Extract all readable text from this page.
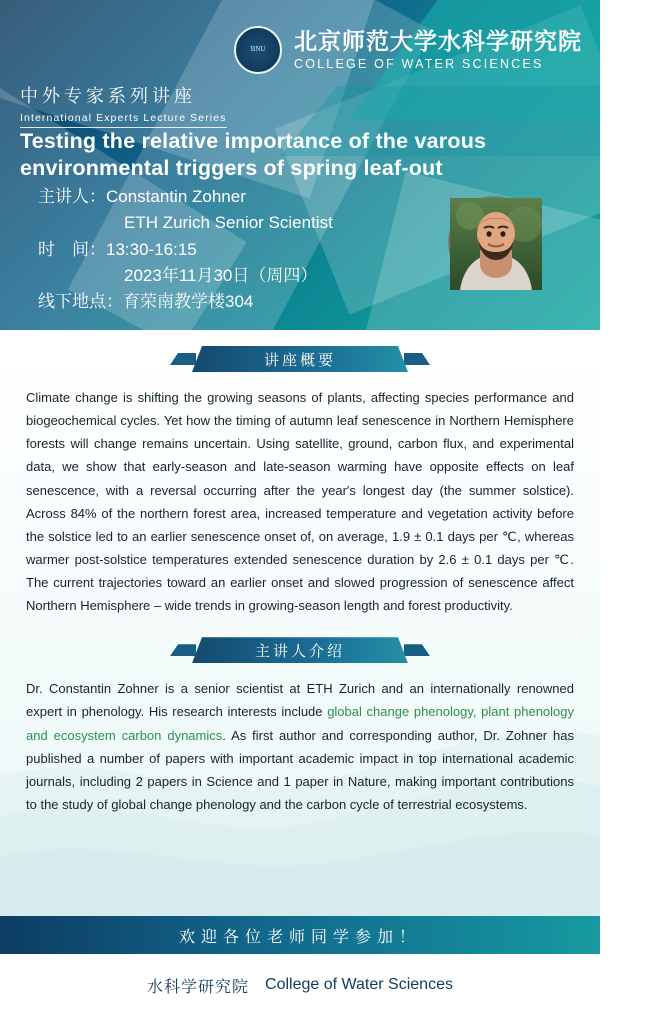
BNU 北京师范大学水科学研究院
COLLEGE OF WATER SCIENCES
中外专家系列讲座
International Experts Lecture Series
Testing the relative importance of the varous environmental triggers of spring leaf-out
主讲人： Constantin Zohner
ETH Zurich Senior Scientist
时　间： 13:30-16:15
2023年11月30日（周四）
线下地点： 育荣南教学楼304
讲座概要
Climate change is shifting the growing seasons of plants, affecting species performance and biogeochemical cycles. Yet how the timing of autumn leaf senescence in Northern Hemisphere forests will change remains uncertain. Using satellite, ground, carbon flux, and experimental data, we show that early-season and late-season warming have opposite effects on leaf senescence, with a reversal occurring after the year′s longest day (the summer solstice). Across 84% of the northern forest area, increased temperature and vegetation activity before the solstice led to an earlier senescence onset of, on average, 1.9 ± 0.1 days per ℃, whereas warmer post-solstice temperatures extended senescence duration by 2.6 ± 0.1 days per ℃. The current trajectories toward an earlier onset and slowed progression of senescence affect Northern Hemisphere – wide trends in growing-season length and forest productivity.
主讲人介绍
Dr. Constantin Zohner is a senior scientist at ETH Zurich and an internationally renowned expert in phenology. His research interests include global change phenology, plant phenology and ecosystem carbon dynamics. As first author and corresponding author, Dr. Zohner has published a number of papers with important academic impact in top international academic journals, including 2 papers in Science and 1 paper in Nature, making important contributions to the study of global change phenology and the carbon cycle of terrestrial ecosystems.
欢迎各位老师同学参加！
水科学研究院 College of Water Sciences
